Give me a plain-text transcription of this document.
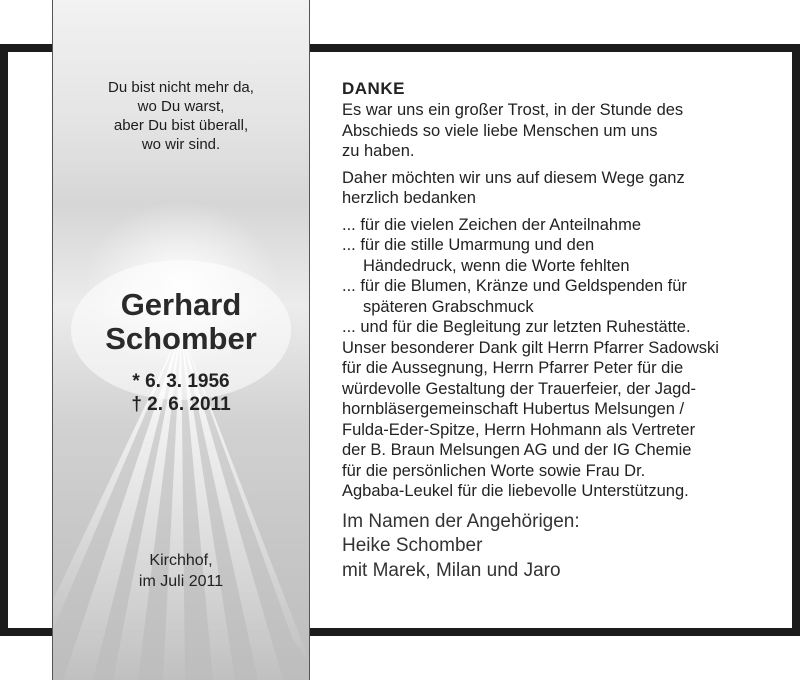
Du bist nicht mehr da,
wo Du warst,
aber Du bist überall,
wo wir sind.
Gerhard
Schomber
* 6. 3. 1956
† 2. 6. 2011
Kirchhof,
im Juli 2011

DANKE

Es war uns ein großer Trost, in der Stunde des
Abschieds so viele liebe Menschen um uns
zu haben.

Daher möchten wir uns auf diesem Wege ganz
herzlich bedanken

... für die vielen Zeichen der Anteilnahme
... für die stille Umarmung und den
Händedruck, wenn die Worte fehlten
... für die Blumen, Kränze und Geldspenden für
späteren Grabschmuck
... und für die Begleitung zur letzten Ruhestätte.

Unser besonderer Dank gilt Herrn Pfarrer Sadowski
für die Aussegnung, Herrn Pfarrer Peter für die
würdevolle Gestaltung der Trauerfeier, der Jagd-
hornbläsergemeinschaft Hubertus Melsungen /
Fulda-Eder-Spitze, Herrn Hohmann als Vertreter
der B. Braun Melsungen AG und der IG Chemie
für die persönlichen Worte sowie Frau Dr.
Agbaba-Leukel für die liebevolle Unterstützung.

Im Namen der Angehörigen:
Heike Schomber
mit Marek, Milan und Jaro
